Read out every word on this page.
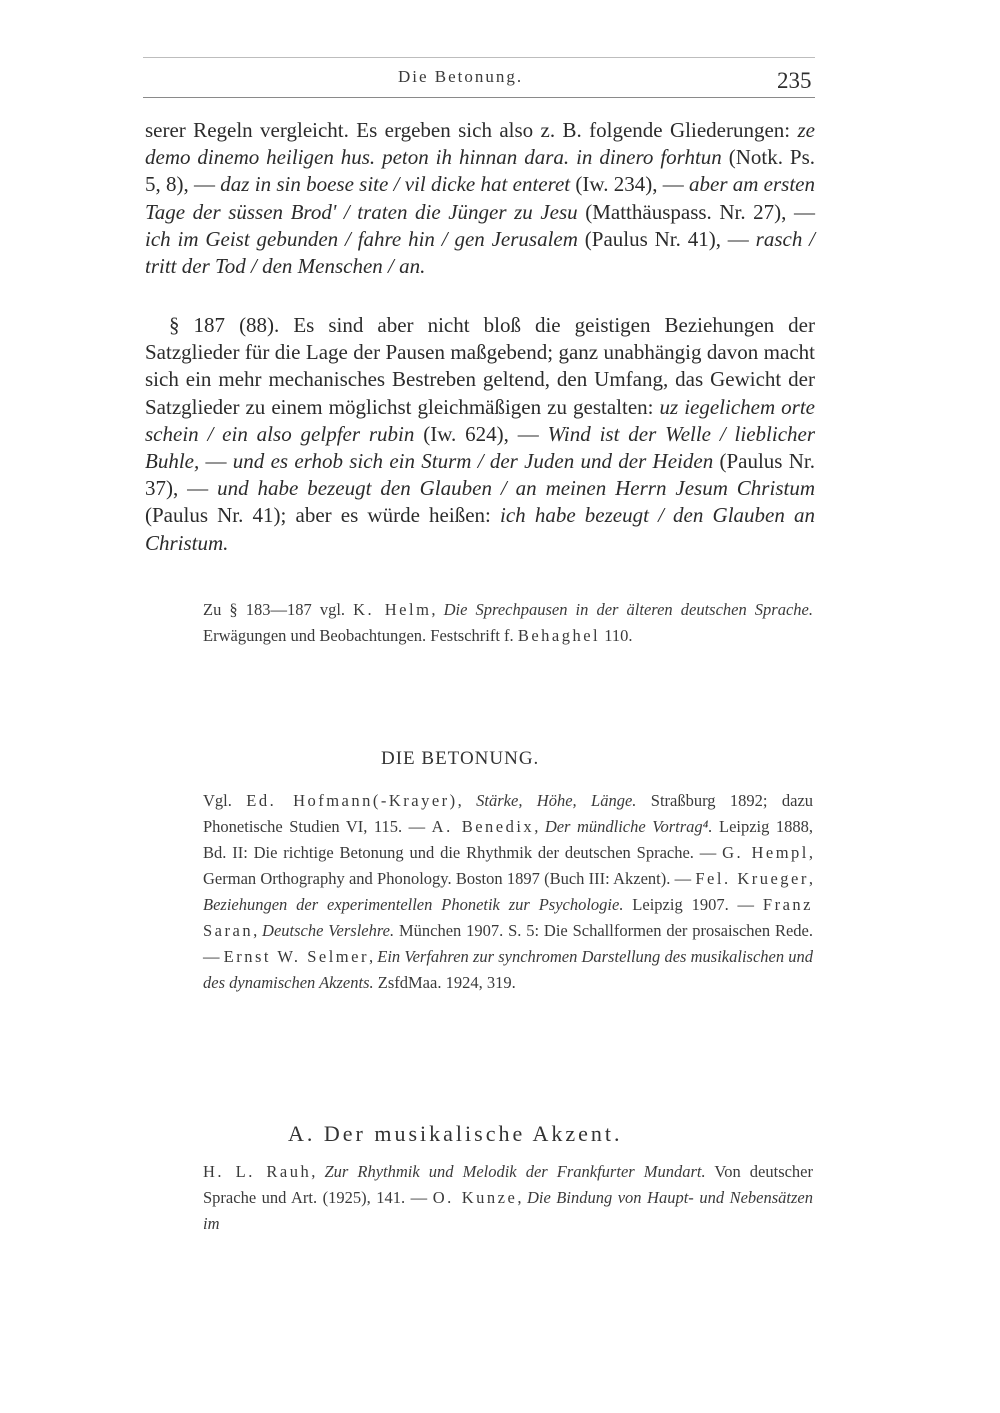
Die Betonung.	235

serer Regeln vergleicht. Es ergeben sich also z. B. folgende Gliederungen: ze demo dinemo heiligen hus. peton ih hinnan dara. in dinero forhtun (Notk. Ps. 5, 8), — daz in sin boese site / vil dicke hat enteret (Iw. 234), — aber am ersten Tage der süssen Brod' / traten die Jünger zu Jesu (Matthäuspass. Nr. 27), — ich im Geist gebunden / fahre hin / gen Jerusalem (Paulus Nr. 41), — rasch / tritt der Tod / den Menschen / an.

§ 187 (88). Es sind aber nicht bloß die geistigen Beziehungen der Satzglieder für die Lage der Pausen maßgebend; ganz unabhängig davon macht sich ein mehr mechanisches Bestreben geltend, den Umfang, das Gewicht der Satzglieder zu einem möglichst gleichmäßigen zu gestalten: uz iegelichem orte schein / ein also gelpfer rubin (Iw. 624), — Wind ist der Welle / lieblicher Buhle, — und es erhob sich ein Sturm / der Juden und der Heiden (Paulus Nr. 37), — und habe bezeugt den Glauben / an meinen Herrn Jesum Christum (Paulus Nr. 41); aber es würde heißen: ich habe bezeugt / den Glauben an Christum.

Zu § 183—187 vgl. K. Helm, Die Sprechpausen in der älteren deutschen Sprache. Erwägungen und Beobachtungen. Festschrift f. Behaghel 110.
DIE BETONUNG.
Vgl. Ed. Hofmann(-Krayer), Stärke, Höhe, Länge. Straßburg 1892; dazu Phonetische Studien VI, 115. — A. Benedix, Der mündliche Vortrag⁴. Leipzig 1888, Bd. II: Die richtige Betonung und die Rhythmik der deutschen Sprache. — G. Hempl, German Orthography and Phonology. Boston 1897 (Buch III: Akzent). — Fel. Krueger, Beziehungen der experimentellen Phonetik zur Psychologie. Leipzig 1907. — Franz Saran, Deutsche Verslehre. München 1907. S. 5: Die Schallformen der prosaischen Rede.— Ernst W. Selmer, Ein Verfahren zur synchromen Darstellung des musikalischen und des dynamischen Akzents. ZsfdMaa. 1924, 319.
A. Der musikalische Akzent.
H. L. Rauh, Zur Rhythmik und Melodik der Frankfurter Mundart. Von deutscher Sprache und Art. (1925), 141. — O. Kunze, Die Bindung von Haupt- und Nebensätzen im
